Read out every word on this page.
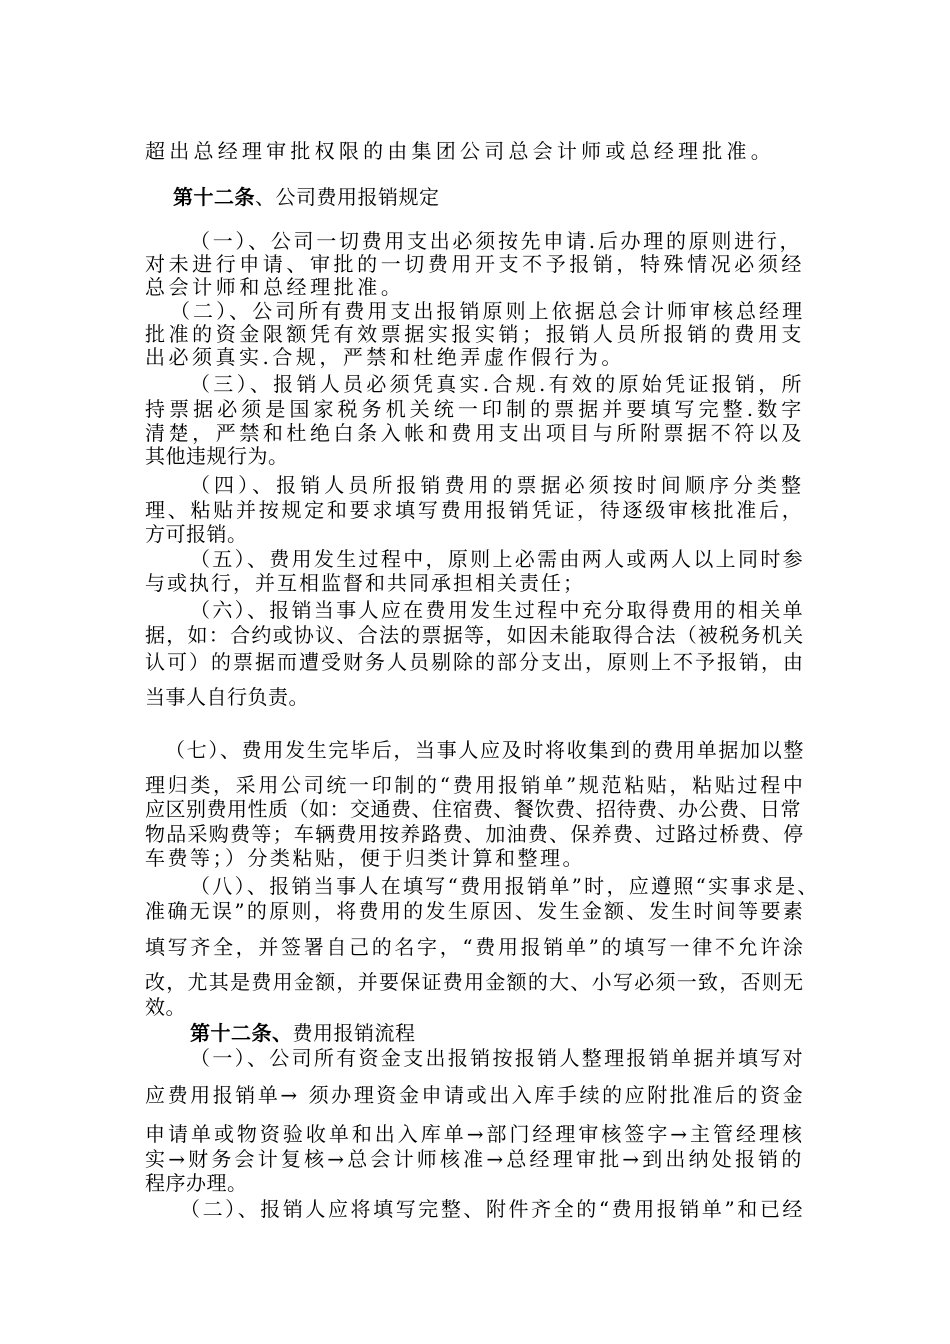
超出总经理审批权限的由集团公司总会计师或总经理批准。
第十二条、公司费用报销规定
（一）、公司一切费用支出必须按先申请.后办理的原则进行，
对未进行申请、审批的一切费用开支不予报销，特殊情况必须经
总会计师和总经理批准。
（二）、公司所有费用支出报销原则上依据总会计师审核总经理
批准的资金限额凭有效票据实报实销；报销人员所报销的费用支
出必须真实.合规，严禁和杜绝弄虚作假行为。
（三）、报销人员必须凭真实.合规.有效的原始凭证报销，所
持票据必须是国家税务机关统一印制的票据并要填写完整.数字
清楚，严禁和杜绝白条入帐和费用支出项目与所附票据不符以及
其他违规行为。
（四）、报销人员所报销费用的票据必须按时间顺序分类整
理、粘贴并按规定和要求填写费用报销凭证，待逐级审核批准后，
方可报销。
（五）、费用发生过程中，原则上必需由两人或两人以上同时参
与或执行，并互相监督和共同承担相关责任；
（六）、报销当事人应在费用发生过程中充分取得费用的相关单
据，如：合约或协议、合法的票据等，如因未能取得合法（被税务机关
认可）的票据而遭受财务人员剔除的部分支出，原则上不予报销，由
当事人自行负责。
（七）、费用发生完毕后，当事人应及时将收集到的费用单据加以整
理归类，采用公司统一印制的“费用报销单”规范粘贴，粘贴过程中
应区别费用性质（如：交通费、住宿费、餐饮费、招待费、办公费、日常
物品采购费等；车辆费用按养路费、加油费、保养费、过路过桥费、停
车费等；）分类粘贴，便于归类计算和整理。
（八）、报销当事人在填写“费用报销单”时，应遵照“实事求是、
准确无误”的原则，将费用的发生原因、发生金额、发生时间等要素
填写齐全，并签署自己的名字，“费用报销单”的填写一律不允许涂
改，尤其是费用金额，并要保证费用金额的大、小写必须一致，否则无
效。
第十二条、费用报销流程
（一）、公司所有资金支出报销按报销人整理报销单据并填写对
应费用报销单→ 须办理资金申请或出入库手续的应附批准后的资金
申请单或物资验收单和出入库单→部门经理审核签字→主管经理核
实→财务会计复核→总会计师核准→总经理审批→到出纳处报销的
程序办理。
（二）、报销人应将填写完整、附件齐全的“费用报销单”和已经
